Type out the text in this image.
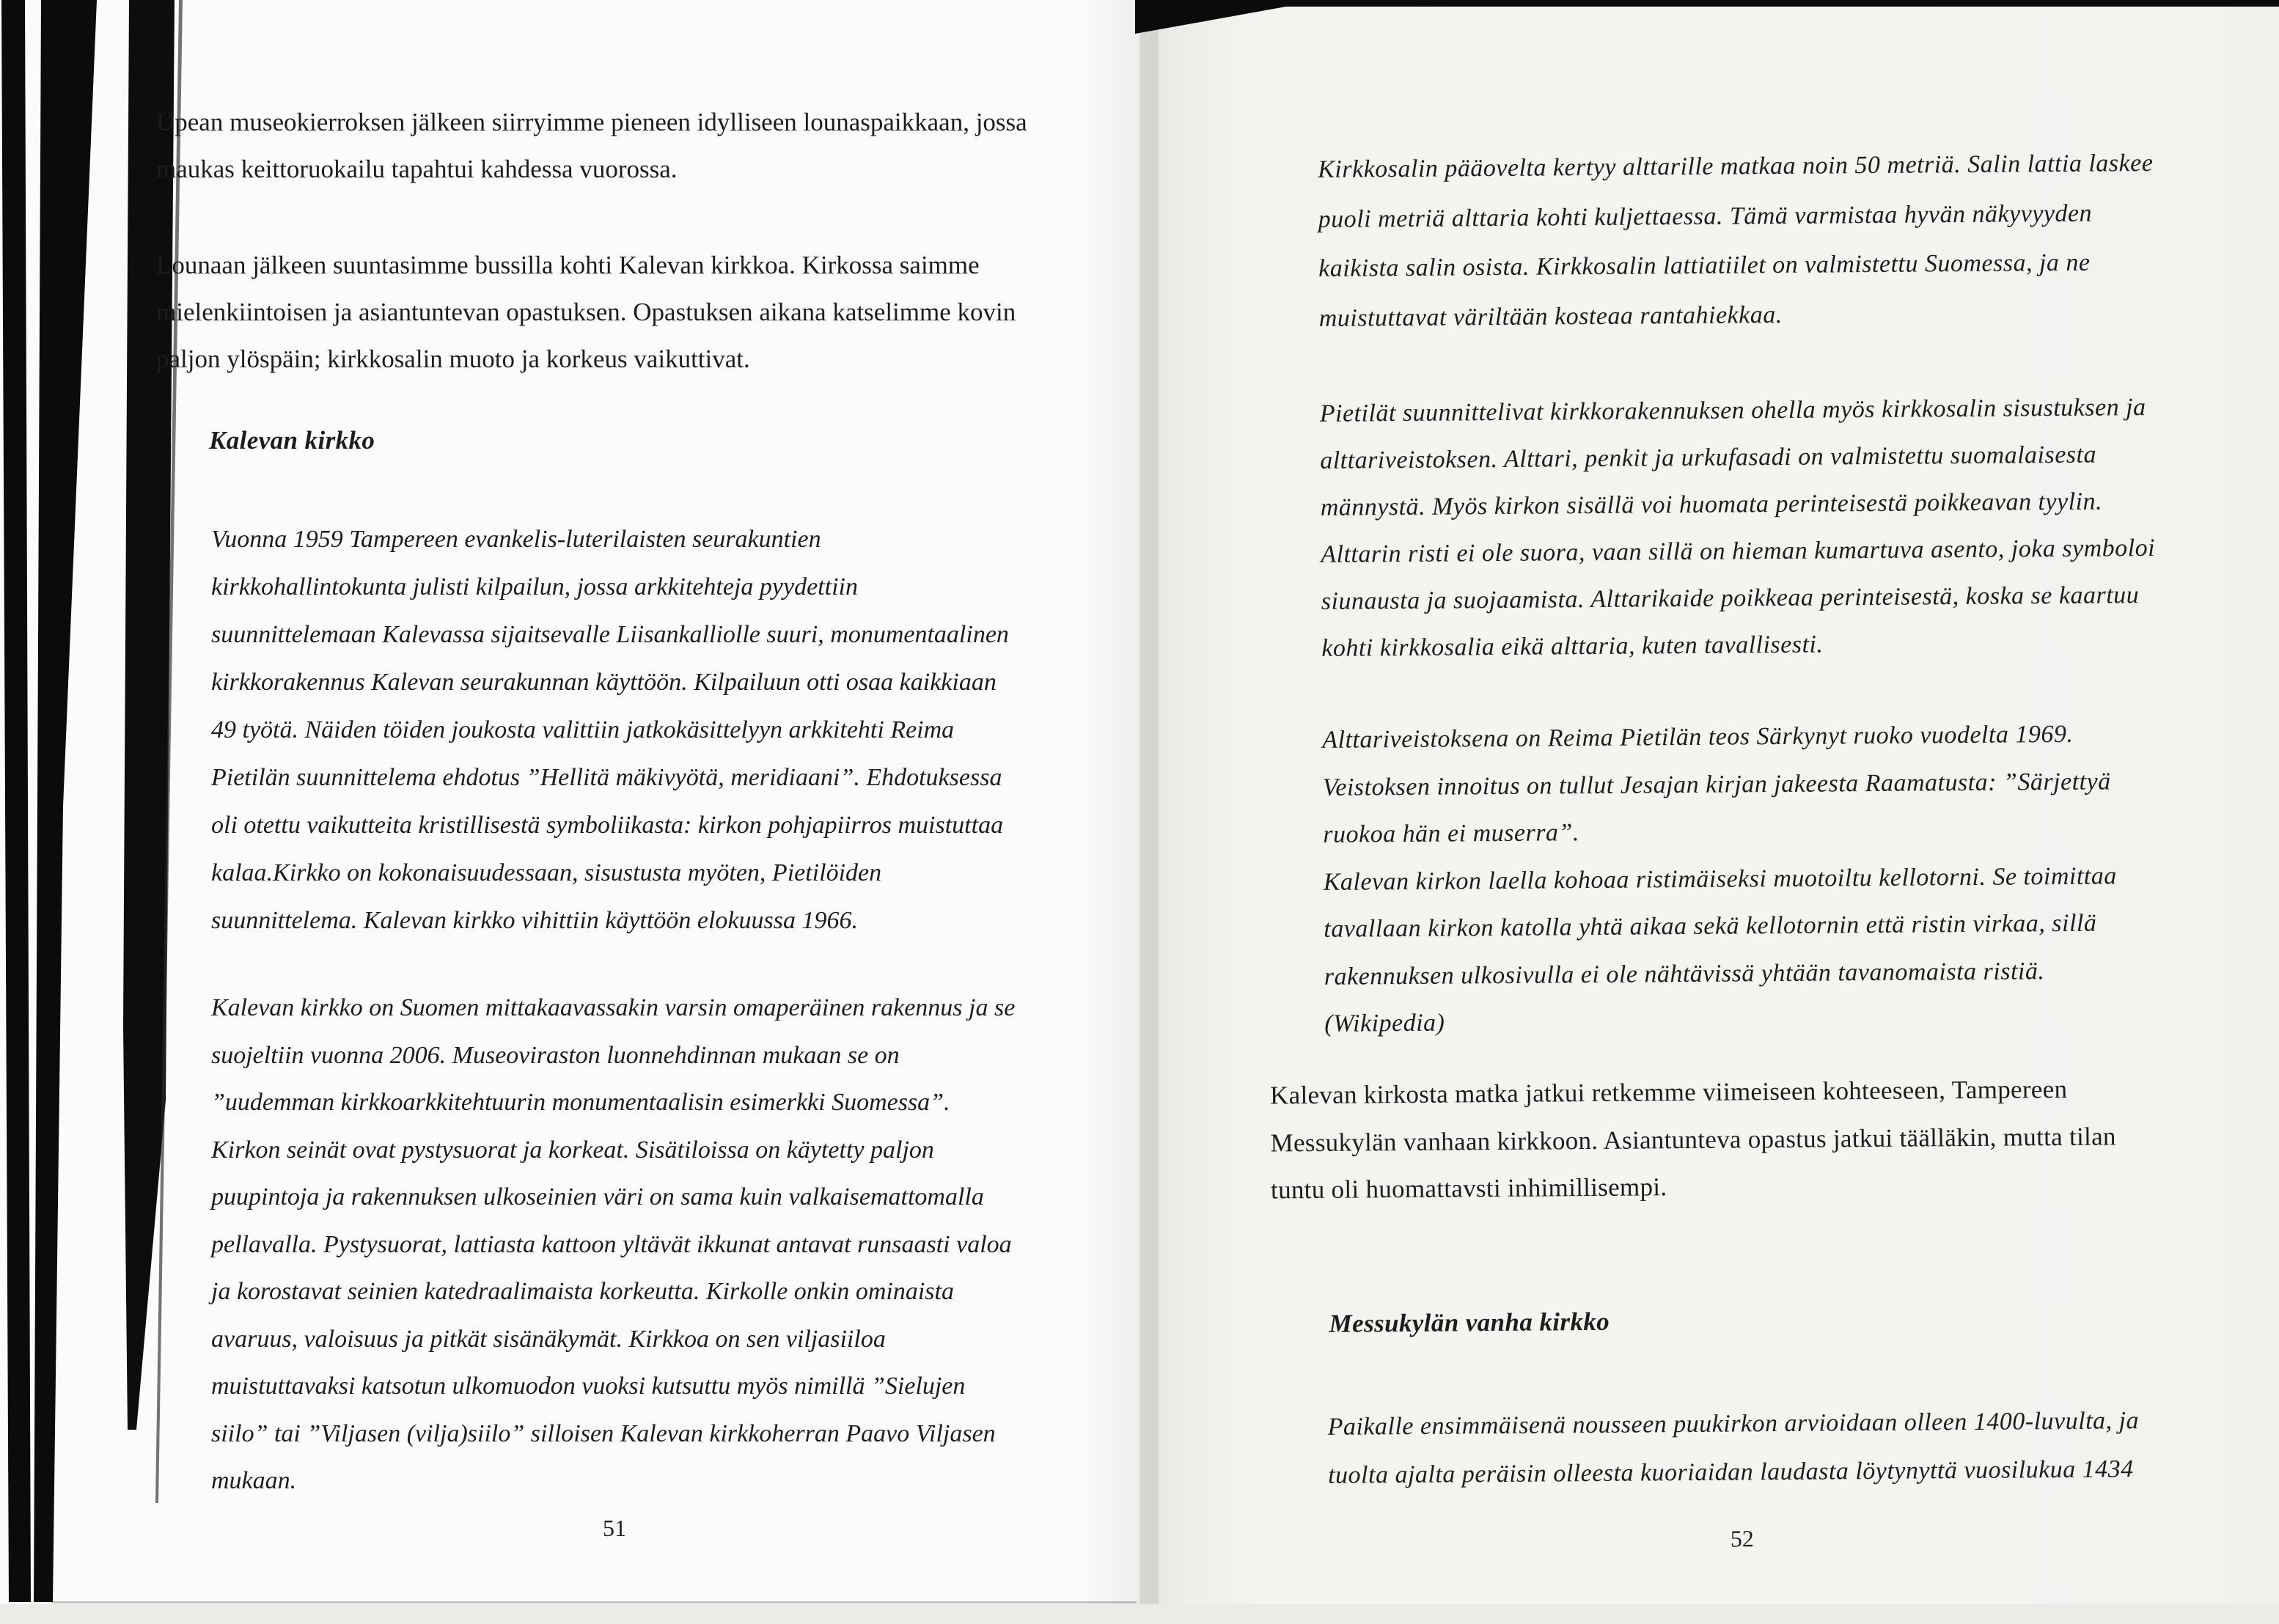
Upean museokierroksen jälkeen siirryimme pieneen idylliseen lounaspaikkaan, jossa
maukas keittoruokailu tapahtui kahdessa vuorossa.
Lounaan jälkeen suuntasimme bussilla kohti Kalevan kirkkoa. Kirkossa saimme
mielenkiintoisen ja asiantuntevan opastuksen. Opastuksen aikana katselimme kovin
paljon ylöspäin; kirkkosalin muoto ja korkeus vaikuttivat.
Kalevan kirkko
Vuonna 1959 Tampereen evankelis-luterilaisten seurakuntien
kirkkohallintokunta julisti kilpailun, jossa arkkitehteja pyydettiin
suunnittelemaan Kalevassa sijaitsevalle Liisankalliolle suuri, monumentaalinen
kirkkorakennus Kalevan seurakunnan käyttöön. Kilpailuun otti osaa kaikkiaan
49 työtä. Näiden töiden joukosta valittiin jatkokäsittelyyn arkkitehti Reima
Pietilän suunnittelema ehdotus ”Hellitä mäkivyötä, meridiaani”. Ehdotuksessa
oli otettu vaikutteita kristillisestä symboliikasta: kirkon pohjapiirros muistuttaa
kalaa.Kirkko on kokonaisuudessaan, sisustusta myöten, Pietilöiden
suunnittelema. Kalevan kirkko vihittiin käyttöön elokuussa 1966.
Kalevan kirkko on Suomen mittakaavassakin varsin omaperäinen rakennus ja se
suojeltiin vuonna 2006. Museoviraston luonnehdinnan mukaan se on
”uudemman kirkkoarkkitehtuurin monumentaalisin esimerkki Suomessa”.
Kirkon seinät ovat pystysuorat ja korkeat. Sisätiloissa on käytetty paljon
puupintoja ja rakennuksen ulkoseinien väri on sama kuin valkaisemattomalla
pellavalla. Pystysuorat, lattiasta kattoon yltävät ikkunat antavat runsaasti valoa
ja korostavat seinien katedraalimaista korkeutta. Kirkolle onkin ominaista
avaruus, valoisuus ja pitkät sisänäkymät. Kirkkoa on sen viljasiiloa
muistuttavaksi katsotun ulkomuodon vuoksi kutsuttu myös nimillä ”Sielujen
siilo” tai ”Viljasen (vilja)siilo” silloisen Kalevan kirkkoherran Paavo Viljasen
mukaan.
51
Kirkkosalin pääovelta kertyy alttarille matkaa noin 50 metriä. Salin lattia laskee
puoli metriä alttaria kohti kuljettaessa. Tämä varmistaa hyvän näkyvyyden
kaikista salin osista. Kirkkosalin lattiatiilet on valmistettu Suomessa, ja ne
muistuttavat väriltään kosteaa rantahiekkaa.
Pietilät suunnittelivat kirkkorakennuksen ohella myös kirkkosalin sisustuksen ja
alttariveistoksen. Alttari, penkit ja urkufasadi on valmistettu suomalaisesta
männystä. Myös kirkon sisällä voi huomata perinteisestä poikkeavan tyylin.
Alttarin risti ei ole suora, vaan sillä on hieman kumartuva asento, joka symboloi
siunausta ja suojaamista. Alttarikaide poikkeaa perinteisestä, koska se kaartuu
kohti kirkkosalia eikä alttaria, kuten tavallisesti.
Alttariveistoksena on Reima Pietilän teos Särkynyt ruoko vuodelta 1969.
Veistoksen innoitus on tullut Jesajan kirjan jakeesta Raamatusta: ”Särjettyä
ruokoa hän ei muserra”.
Kalevan kirkon laella kohoaa ristimäiseksi muotoiltu kellotorni. Se toimittaa
tavallaan kirkon katolla yhtä aikaa sekä kellotornin että ristin virkaa, sillä
rakennuksen ulkosivulla ei ole nähtävissä yhtään tavanomaista ristiä.
(Wikipedia)
Kalevan kirkosta matka jatkui retkemme viimeiseen kohteeseen, Tampereen
Messukylän vanhaan kirkkoon. Asiantunteva opastus jatkui täälläkin, mutta tilan
tuntu oli huomattavsti inhimillisempi.
Messukylän vanha kirkko
Paikalle ensimmäisenä nousseen puukirkon arvioidaan olleen 1400-luvulta, ja
tuolta ajalta peräisin olleesta kuoriaidan laudasta löytynyttä vuosilukua 1434
52
